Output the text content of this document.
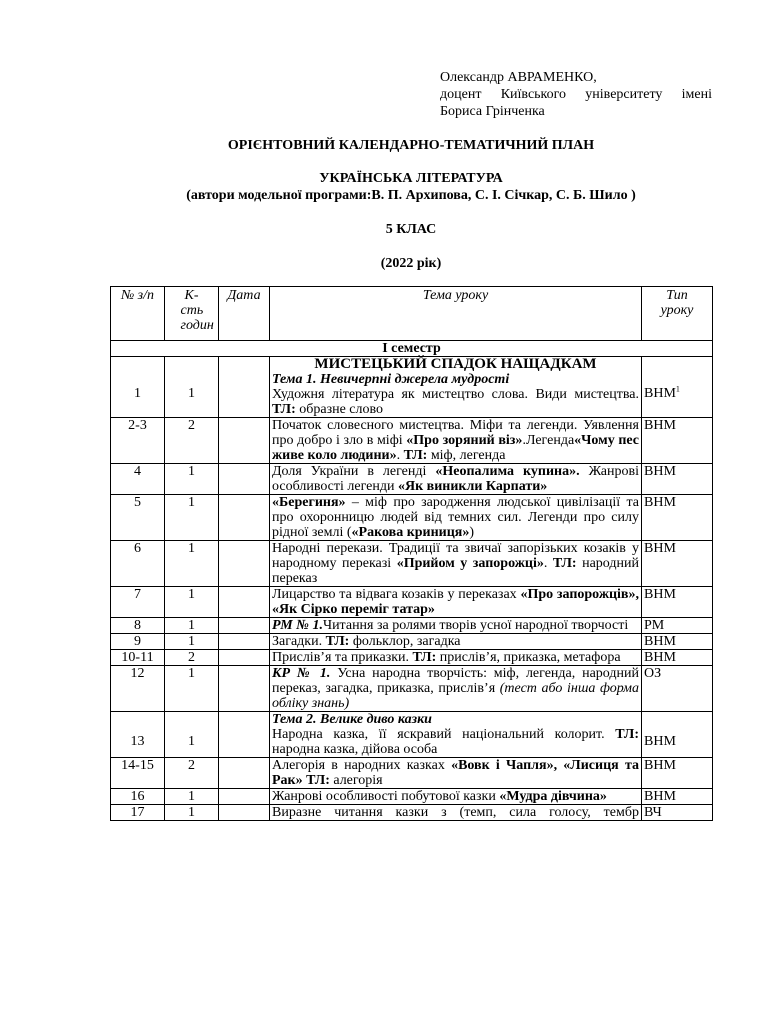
Олександр АВРАМЕНКО,
доцент Київського університету імені
Бориса Грінченка
ОРІЄНТОВНИЙ КАЛЕНДАРНО-ТЕМАТИЧНИЙ ПЛАН
УКРАЇНСЬКА ЛІТЕРАТУРА
(автори модельної програми:В. П. Архипова, С. І. Січкар, С. Б. Шило )
5 КЛАС
(2022 рік)
№ з/п	К-сть годин	Дата	Тема уроку	Тип уроку

І семестр				
1	1		МИСТЕЦЬКИЙ СПАДОК НАЩАДКАМ
Тема 1. Невичерпні джерела мудрості
Художня література як мистецтво слова. Види мистецтва. ТЛ: образне слово	ВНМ$^1$
2-3	2		Початок словесного мистецтва. Міфи та легенди. Уявлення про добро і зло в міфі «Про зоряний віз».Легенда«Чому пес живе коло людини». ТЛ: міф, легенда	ВНМ
4	1		Доля України в легенді «Неопалима купина». Жанрові особливості легенди «Як виникли Карпати»	ВНМ
5	1		«Берегиня» – міф про зародження людської цивілізації та про охоронницю людей від темних сил. Легенди про силу рідної землі («Ракова криниця»)	ВНМ
6	1		Народні перекази. Традиції та звичаї запорізьких козаків у народному переказі «Прийом у запорожці». ТЛ: народний переказ	ВНМ
7	1		Лицарство та відвага козаків у переказах «Про запорожців», «Як Сірко переміг татар»	ВНМ
8	1		РМ № 1.Читання за ролями творів усної народної творчості	РМ
9	1		Загадки. ТЛ: фольклор, загадка	ВНМ
10-11	2		Прислів’я та приказки. ТЛ: прислів’я, приказка, метафора	ВНМ
12	1		КР № 1. Усна народна творчість: міф, легенда, народний переказ, загадка, приказка, прислів’я (тест або інша форма обліку знань)	ОЗ
13	1		Тема 2. Велике диво казки
Народна казка, її яскравий національний колорит. ТЛ: народна казка, дійова особа	ВНМ
14-15	2		Алегорія в народних казках «Вовк і Чапля», «Лисиця та Рак» ТЛ: алегорія	ВНМ
16	1		Жанрові особливості побутової казки «Мудра дівчина»	ВНМ
17	1		Виразне читання казки з (темп, сила голосу, тембр	ВЧ
